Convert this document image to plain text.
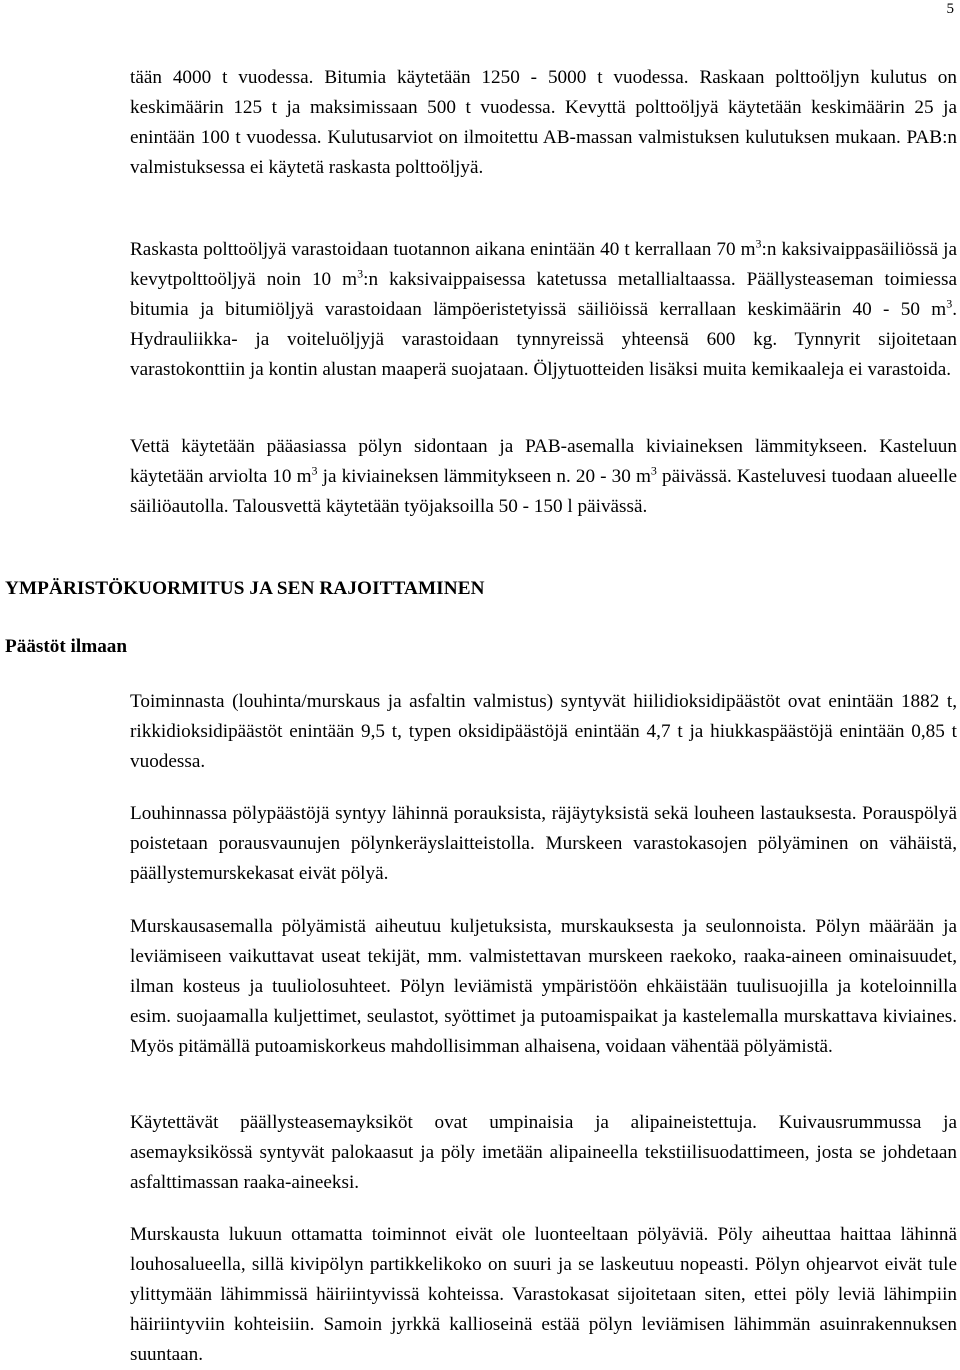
5

tään 4000 t vuodessa. Bitumia käytetään 1250 - 5000 t vuodessa. Raskaan polttoöljyn kulutus on keskimäärin 125 t ja maksimissaan 500 t vuodessa. Kevyttä polttoöljyä käytetään keskimäärin 25 ja enintään 100 t vuodessa. Kulutusarviot on ilmoitettu AB-massan valmistuksen kulutuksen mukaan. PAB:n valmistuksessa ei käytetä raskasta polttoöljyä.

Raskasta polttoöljyä varastoidaan tuotannon aikana enintään 40 t kerrallaan 70 $m^3:n$ kaksivaippasäiliössä ja kevytpolttoöljyä noin 10 $m^3:n$ kaksivaippaisessa katetussa metallialtaassa. Päällysteaseman toimiessa bitumia ja bitumiöljyä varastoidaan lämpöeristetyissä säiliöissä kerrallaan keskimäärin 40 - 50 $m^3$. Hydrauliikka- ja voiteluöljyjä varastoidaan tynnyreissä yhteensä 600 kg. Tynnyrit sijoitetaan varastokonttiin ja kontin alustan maaperä suojataan. Öljytuotteiden lisäksi muita kemikaaleja ei varastoida.

Vettä käytetään pääasiassa pölyn sidontaan ja PAB-asemalla kiviaineksen lämmitykseen. Kasteluun käytetään arviolta 10 $m^3$ ja kiviaineksen lämmitykseen n. 20 - 30 $m^3$ päivässä. Kasteluvesi tuodaan alueelle säiliöautolla. Talousvettä käytetään työjaksoilla 50 - 150 l päivässä.

YMPÄRISTÖKUORMITUS JA SEN RAJOITTAMINEN
Päästöt ilmaan

Toiminnasta (louhinta/murskaus ja asfaltin valmistus) syntyvät hiilidioksidipäästöt ovat enintään 1882 t, rikkidioksidipäästöt enintään 9,5 t, typen oksidipäästöjä enintään 4,7 t ja hiukkaspäästöjä enintään 0,85 t vuodessa.

Louhinnassa pölypäästöjä syntyy lähinnä porauksista, räjäytyksistä sekä louheen lastauksesta. Porauspölyä poistetaan porausvaunujen pölynkeräyslaitteistolla. Murskeen varastokasojen pölyäminen on vähäistä, päällystemurskekasat eivät pölyä.

Murskausasemalla pölyämistä aiheutuu kuljetuksista, murskauksesta ja seulonnoista. Pölyn määrään ja leviämiseen vaikuttavat useat tekijät, mm. valmistettavan murskeen raekoko, raaka-aineen ominaisuudet, ilman kosteus ja tuuliolosuhteet. Pölyn leviämistä ympäristöön ehkäistään tuulisuojilla ja koteloinnilla esim. suojaamalla kuljettimet, seulastot, syöttimet ja putoamispaikat ja kastelemalla murskattava kiviaines. Myös pitämällä putoamiskorkeus mahdollisimman alhaisena, voidaan vähentää pölyämistä.

Käytettävät päällysteasemayksiköt ovat umpinaisia ja alipaineistettuja. Kuivausrummussa ja asemayksikössä syntyvät palokaasut ja pöly imetään alipaineella tekstiilisuodattimeen, josta se johdetaan asfalttimassan raaka-aineeksi.

Murskausta lukuun ottamatta toiminnot eivät ole luonteeltaan pölyäviä. Pöly aiheuttaa haittaa lähinnä louhosalueella, sillä kivipölyn partikkelikoko on suuri ja se laskeutuu nopeasti. Pölyn ohjearvot eivät tule ylittymään lähimmissä häiriintyvissä kohteissa. Varastokasat sijoitetaan siten, ettei pöly leviä lähimpiin häiriintyviin kohteisiin. Samoin jyrkkä kallioseinä estää pölyn leviämisen lähimmän asuinrakennuksen suuntaan.
